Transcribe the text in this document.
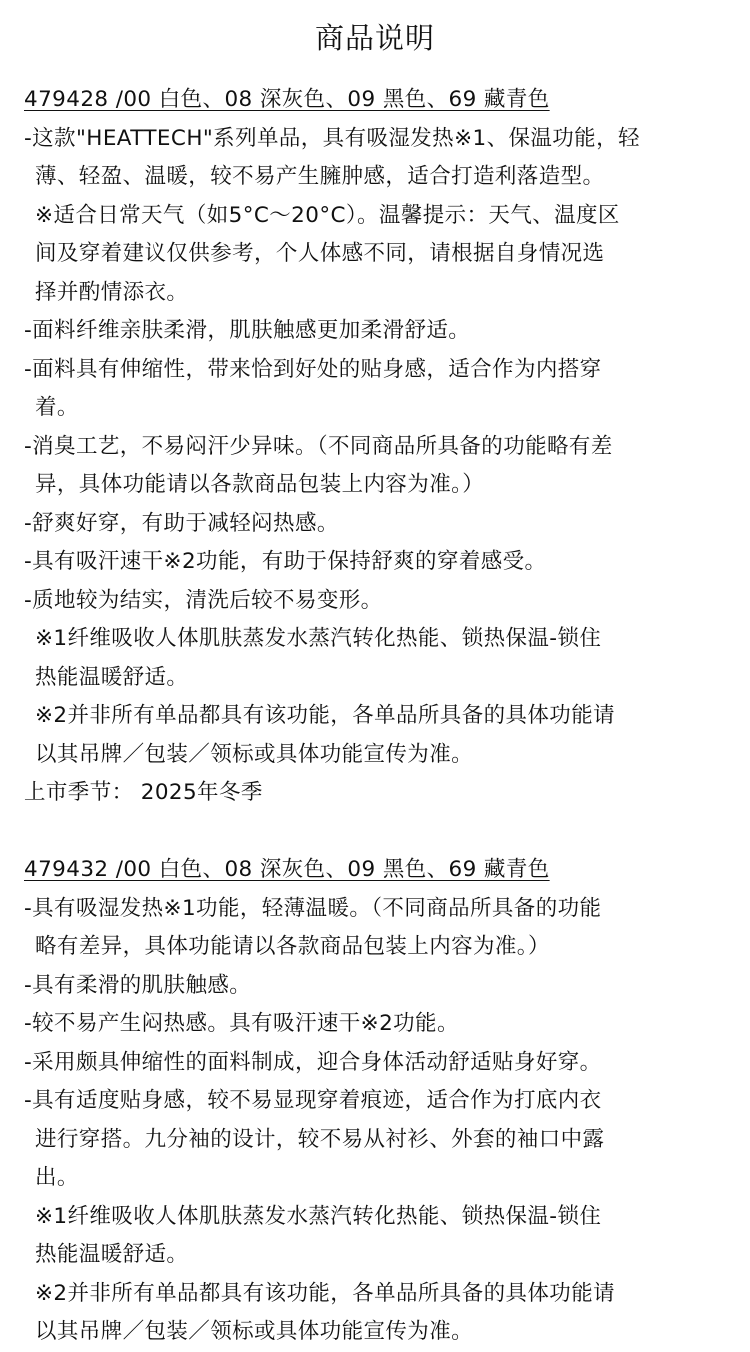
商品说明
479428 /00 白色、08 深灰色、09 黑色、69 藏青色
-这款"HEATTECH"系列单品，具有吸湿发热※1、保温功能，轻
薄、轻盈、温暖，较不易产生臃肿感，适合打造利落造型。
※适合日常天气（如5°C～20°C）。温馨提示：天气、温度区
间及穿着建议仅供参考，个人体感不同，请根据自身情况选
择并酌情添衣。
-面料纤维亲肤柔滑，肌肤触感更加柔滑舒适。
-面料具有伸缩性，带来恰到好处的贴身感，适合作为内搭穿
着。
-消臭工艺，不易闷汗少异味。（不同商品所具备的功能略有差
异，具体功能请以各款商品包装上内容为准。）
-舒爽好穿，有助于减轻闷热感。
-具有吸汗速干※2功能，有助于保持舒爽的穿着感受。
-质地较为结实，清洗后较不易变形。
※1纤维吸收人体肌肤蒸发水蒸汽转化热能、锁热保温-锁住
热能温暖舒适。
※2并非所有单品都具有该功能，各单品所具备的具体功能请
以其吊牌／包装／领标或具体功能宣传为准。
上市季节： 2025年冬季
479432 /00 白色、08 深灰色、09 黑色、69 藏青色
-具有吸湿发热※1功能，轻薄温暖。（不同商品所具备的功能
略有差异，具体功能请以各款商品包装上内容为准。）
-具有柔滑的肌肤触感。
-较不易产生闷热感。具有吸汗速干※2功能。
-采用颇具伸缩性的面料制成，迎合身体活动舒适贴身好穿。
-具有适度贴身感，较不易显现穿着痕迹，适合作为打底内衣
进行穿搭。九分袖的设计，较不易从衬衫、外套的袖口中露
出。
※1纤维吸收人体肌肤蒸发水蒸汽转化热能、锁热保温-锁住
热能温暖舒适。
※2并非所有单品都具有该功能，各单品所具备的具体功能请
以其吊牌／包装／领标或具体功能宣传为准。
